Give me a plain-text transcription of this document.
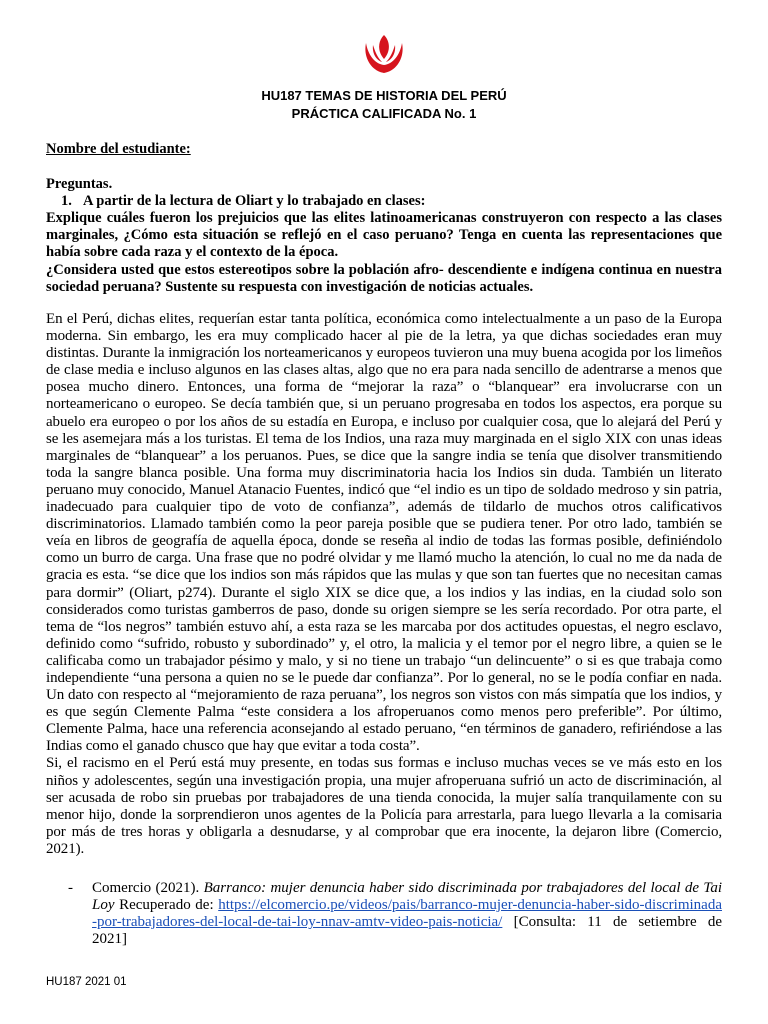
HU187 TEMAS DE HISTORIA DEL PERÚ
PRÁCTICA CALIFICADA No. 1
Nombre del estudiante:
Preguntas.
1. A partir de la lectura de Oliart y lo trabajado en clases:

Explique cuáles fueron los prejuicios que las elites latinoamericanas construyeron con respecto a las clases marginales, ¿Cómo esta situación se reflejó en el caso peruano? Tenga en cuenta las representaciones que había sobre cada raza y el contexto de la época.

¿Considera usted que estos estereotipos sobre la población afro- descendiente e indígena continua en nuestra sociedad peruana? Sustente su respuesta con investigación de noticias actuales.

En el Perú, dichas elites, requerían estar tanta política, económica como intelectualmente a un paso de la Europa moderna. Sin embargo, les era muy complicado hacer al pie de la letra, ya que dichas sociedades eran muy distintas. Durante la inmigración los norteamericanos y europeos tuvieron una muy buena acogida por los limeños de clase media e incluso algunos en las clases altas, algo que no era para nada sencillo de adentrarse a menos que posea mucho dinero. Entonces, una forma de “mejorar la raza” o “blanquear” era involucrarse con un norteamericano o europeo. Se decía también que, si un peruano progresaba en todos los aspectos, era porque su abuelo era europeo o por los años de su estadía en Europa, e incluso por cualquier cosa, que lo alejará del Perú y se les asemejara más a los turistas. El tema de los Indios, una raza muy marginada en el siglo XIX con unas ideas marginales de “blanquear” a los peruanos. Pues, se dice que la sangre india se tenía que disolver transmitiendo toda la sangre blanca posible. Una forma muy discriminatoria hacia los Indios sin duda. También un literato peruano muy conocido, Manuel Atanacio Fuentes, indicó que “el indio es un tipo de soldado medroso y sin patria, inadecuado para cualquier tipo de voto de confianza”, además de tildarlo de muchos otros calificativos discriminatorios. Llamado también como la peor pareja posible que se pudiera tener. Por otro lado, también se veía en libros de geografía de aquella época, donde se reseña al indio de todas las formas posible, definiéndolo como un burro de carga. Una frase que no podré olvidar y me llamó mucho la atención, lo cual no me da nada de gracia es esta. “se dice que los indios son más rápidos que las mulas y que son tan fuertes que no necesitan camas para dormir” (Oliart, p274). Durante el siglo XIX se dice que, a los indios y las indias, en la ciudad solo son considerados como turistas gamberros de paso, donde su origen siempre se les sería recordado. Por otra parte, el tema de “los negros” también estuvo ahí, a esta raza se les marcaba por dos actitudes opuestas, el negro esclavo, definido como “sufrido, robusto y subordinado” y, el otro, la malicia y el temor por el negro libre, a quien se le calificaba como un trabajador pésimo y malo, y si no tiene un trabajo “un delincuente” o si es que trabaja como independiente “una persona a quien no se le puede dar confianza”. Por lo general, no se le podía confiar en nada. Un dato con respecto al “mejoramiento de raza peruana”, los negros son vistos con más simpatía que los indios, y es que según Clemente Palma “este considera a los afroperuanos como menos pero preferible”. Por último, Clemente Palma, hace una referencia aconsejando al estado peruano, “en términos de ganadero, refiriéndose a las Indias como el ganado chusco que hay que evitar a toda costa”.

Si, el racismo en el Perú está muy presente, en todas sus formas e incluso muchas veces se ve más esto en los niños y adolescentes, según una investigación propia, una mujer afroperuana sufrió un acto de discriminación, al ser acusada de robo sin pruebas por trabajadores de una tienda conocida, la mujer salía tranquilamente con su menor hijo, donde la sorprendieron unos agentes de la Policía para arrestarla, para luego llevarla a la comisaria por más de tres horas y obligarla a desnudarse, y al comprobar que era inocente, la dejaron libre (Comercio, 2021).

- Comercio (2021). Barranco: mujer denuncia haber sido discriminada por trabajadores del local de Tai Loy Recuperado de: https://elcomercio.pe/videos/pais/barranco-mujer-denuncia-haber-sido-discriminada-por-trabajadores-del-local-de-tai-loy-nnav-amtv-video-pais-noticia/ [Consulta: 11 de setiembre de 2021]
HU187 2021 01
